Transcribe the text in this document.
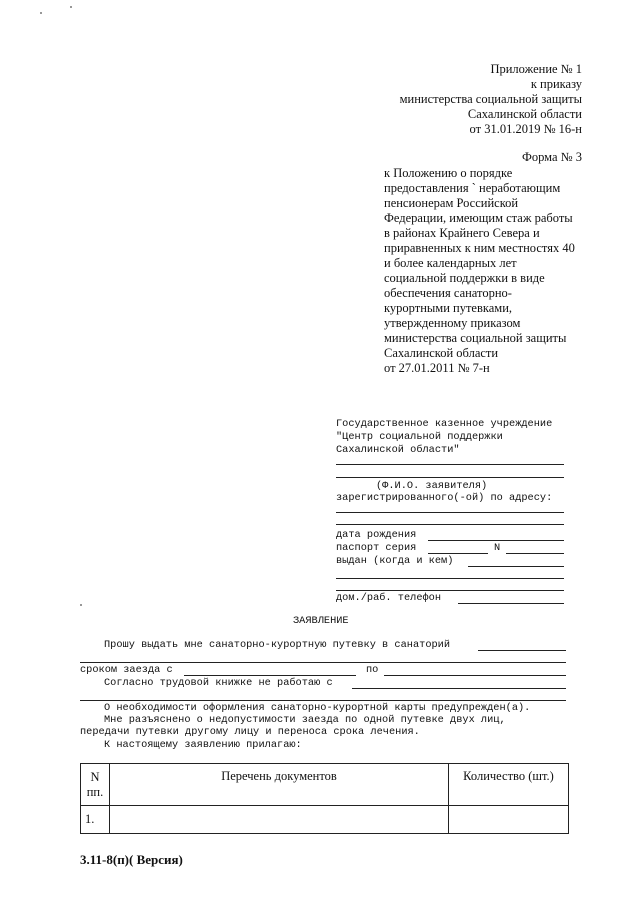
Приложение № 1
к приказу
министерства социальной защиты
Сахалинской области
от 31.01.2019 № 16-н
Форма № 3
к Положению о порядке
предоставления ` неработающим
пенсионерам Российской
Федерации, имеющим стаж работы
в районах Крайнего Севера и
приравненных к ним местностях 40
и более календарных лет
социальной поддержки в виде
обеспечения санаторно-
курортными путевками,
утвержденному приказом
министерства социальной защиты
Сахалинской области
от 27.01.2011 № 7-н
Государственное казенное учреждение
"Центр социальной поддержки
Сахалинской области"
(Ф.И.О. заявителя)
зарегистрированного(-ой) по адресу:
дата рождения
паспорт серия	N
выдан (когда и кем)
дом./раб. телефон
ЗАЯВЛЕНИЕ
Прошу выдать мне санаторно-курортную путевку в санаторий
сроком заезда с	по
Согласно трудовой книжке не работаю с
О необходимости оформления санаторно-курортной карты предупрежден(а).
Мне разъяснено о недопустимости заезда по одной путевке двух лиц,
передачи путевки другому лицу и переноса срока лечения.
К настоящему заявлению прилагаю:
N
пп.	Перечень документов	Количество (шт.)
1.		
3.11-8(п)( Версия)
